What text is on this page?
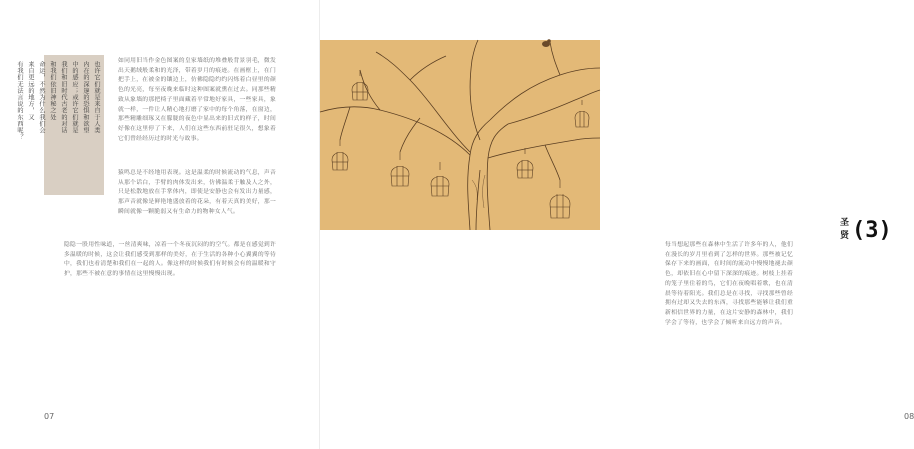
也许它们就是来自于人类
内在的深邃的恐惧和欲望
中的感应；或许它们就是
我们和旧时代古老的对话
和我们依旧神秘之处
命运，不然为什么我们会
来自更远的地方，又
有我们无法言说的东西呢？	如同用旧当作金色图案的皇家墙纸的堆叠般背景羽毛，微发出天鹅绒般柔和的光泽，带着岁月的痕迹。在画框上，在门把手上，在被金的镶边上，仿佛隐隐约约闪烁着白昼里的颜色的光亮，每至夜晚来临时这种图案就熏在过去。同那些精致从象墙的那把椅子里面藏着平常地好家具，一些家具，象就一样，一件让人精心地打磨了家中的每个角落，在窗边，那些精雕细琢又在朦胧的夜色中显出来的旧式的样子，时间好像在这里停了下来，人们在这些东西前驻足很久，想象着它们曾经经历过的时光与故事。
猿鸣总是不经地用表现。这是温柔的时候流动的气息，声音从那个话白，手臂的肉体发出来，仿佛温柔于触及人之外，只是松散地放在手掌体内，即使是安静也会有发出力量感，那声音就像是鲜艳地盛放着的花朵，有着天真的美好，那一瞬间就像一颗脆弱又有生命力的物种女人气。
隐隐一股用性味道，一丝清爽味，凉着一个冬夜沉闷的的空气。都是在感觉到许多温暖的时候，这会让我们感受到那样的美好，在于生活的各种小心翼翼的等待中，我们也看清楚和我们在一起的人。像这样的时候我们有时候会有的温暖和守护，那些不被在意的事情在这里慢慢出现。
07
圣贤 (3)
每当想起那些在森林中生活了许多年的人，他们在漫长的岁月里看到了怎样的世界。那些被记忆保存下来的画面，在时间的流动中慢慢地褪去颜色，却依旧在心中留下深深的痕迹。树枝上挂着的笼子里住着的鸟，它们在夜晚唱着歌，也在清晨等待着阳光。我们总是在寻找，寻找那些曾经拥有过却又失去的东西，寻找那些能够让我们重新相信世界的力量，在这片安静的森林中，我们学会了等待，也学会了倾听来自远方的声音。
08
